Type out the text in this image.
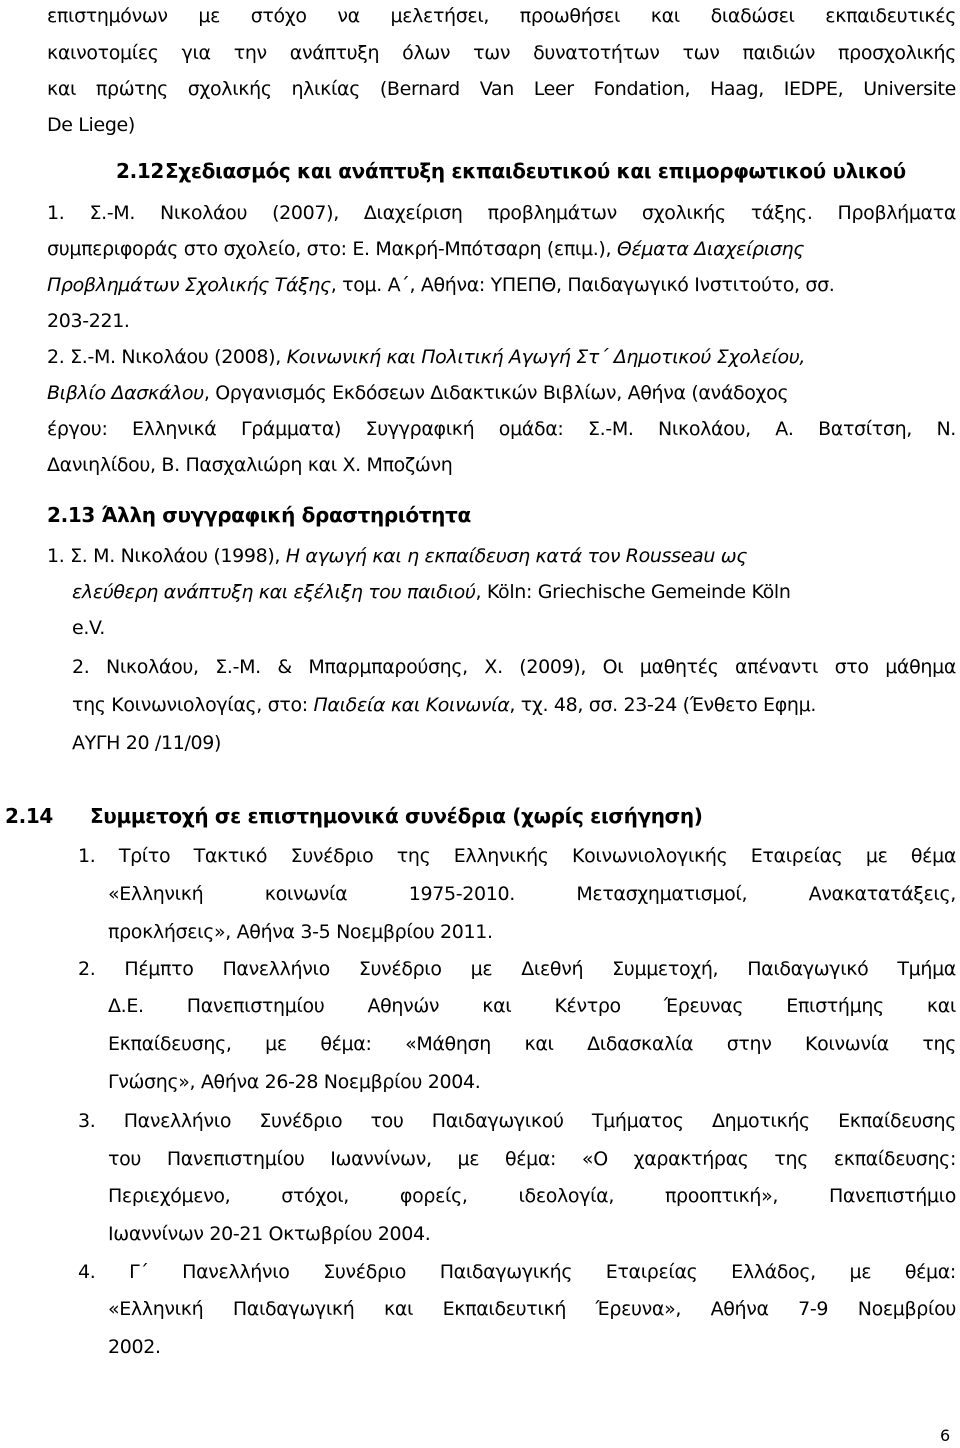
επιστημόνων με στόχο να μελετήσει, προωθήσει και διαδώσει εκπαιδευτικές

καινοτομίες για την ανάπτυξη όλων των δυνατοτήτων των παιδιών προσχολικής

και πρώτης σχολικής ηλικίας (Bernard Van Leer Fondation, Haag, IEDPE, Universite

De Liege)

2.12 Σχεδιασμός και ανάπτυξη εκπαιδευτικού και επιμορφωτικού υλικού

1. Σ.-Μ. Νικολάου (2007), Διαχείριση προβλημάτων σχολικής τάξης. Προβλήματα

συμπεριφοράς στο σχολείο, στο: Ε. Μακρή-Μπότσαρη (επιμ.), Θέματα Διαχείρισης

Προβλημάτων Σχολικής Τάξης, τομ. Α΄, Αθήνα: ΥΠΕΠΘ, Παιδαγωγικό Ινστιτούτο, σσ.

203-221.

2. Σ.-Μ. Νικολάου (2008), Κοινωνική και Πολιτική Αγωγή Στ΄ Δημοτικού Σχολείου,

Βιβλίο Δασκάλου, Οργανισμός Εκδόσεων Διδακτικών Βιβλίων, Αθήνα (ανάδοχος

έργου: Ελληνικά Γράμματα) Συγγραφική ομάδα: Σ.-Μ. Νικολάου, Α. Βατσίτση, Ν.

Δανιηλίδου, Β. Πασχαλιώρη και Χ. Μποζώνη

2.13 Άλλη συγγραφική δραστηριότητα

1. Σ. Μ. Νικολάου (1998), Η αγωγή και η εκπαίδευση κατά τον Rousseau ως

ελεύθερη ανάπτυξη και εξέλιξη του παιδιού, Köln: Griechische Gemeinde Köln

e.V.

2. Νικολάου, Σ.-Μ. & Μπαρμπαρούσης, Χ. (2009), Οι μαθητές απέναντι στο μάθημα

της Κοινωνιολογίας, στο: Παιδεία και Κοινωνία, τχ. 48, σσ. 23-24 (Ένθετο Εφημ.

ΑΥΓΗ 20 /11/09)

2.14 Συμμετοχή σε επιστημονικά συνέδρια (χωρίς εισήγηση)

1. Τρίτο Τακτικό Συνέδριο της Ελληνικής Κοινωνιολογικής Εταιρείας με θέμα

«Ελληνική κοινωνία 1975-2010. Μετασχηματισμοί, Ανακατατάξεις,

προκλήσεις», Αθήνα 3-5 Νοεμβρίου 2011.

2. Πέμπτο Πανελλήνιο Συνέδριο με Διεθνή Συμμετοχή, Παιδαγωγικό Τμήμα

Δ.Ε. Πανεπιστημίου Αθηνών και Κέντρο Έρευνας Επιστήμης και

Εκπαίδευσης, με θέμα: «Μάθηση και Διδασκαλία στην Κοινωνία της

Γνώσης», Αθήνα 26-28 Νοεμβρίου 2004.

3. Πανελλήνιο Συνέδριο του Παιδαγωγικού Τμήματος Δημοτικής Εκπαίδευσης

του Πανεπιστημίου Ιωαννίνων, με θέμα: «Ο χαρακτήρας της εκπαίδευσης:

Περιεχόμενο, στόχοι, φορείς, ιδεολογία, προοπτική», Πανεπιστήμιο

Ιωαννίνων 20-21 Οκτωβρίου 2004.

4. Γ΄ Πανελλήνιο Συνέδριο Παιδαγωγικής Εταιρείας Ελλάδος, με θέμα:

«Ελληνική Παιδαγωγική και Εκπαιδευτική Έρευνα», Αθήνα 7-9 Νοεμβρίου

2002.

6
